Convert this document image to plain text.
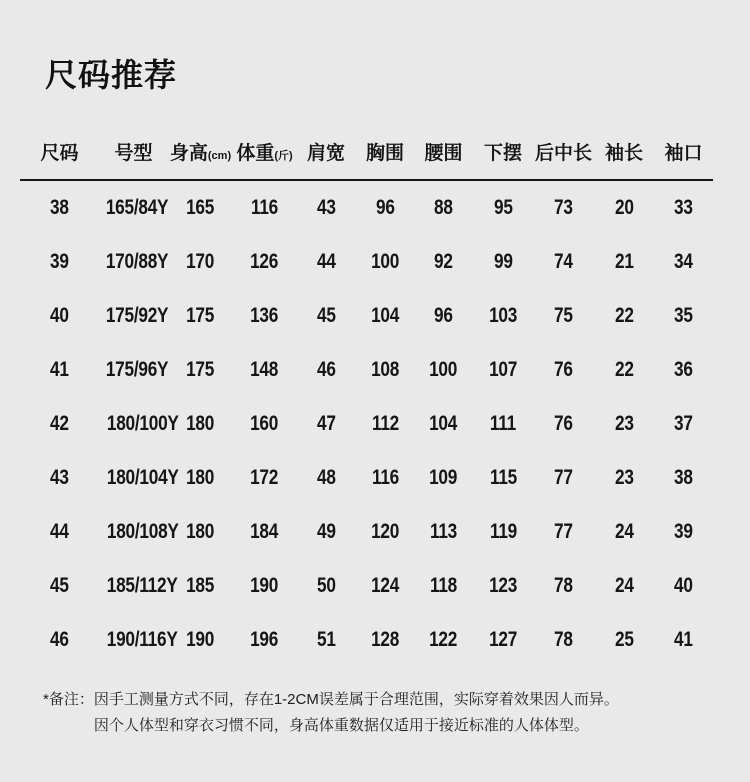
尺码推荐
尺码	号型	身高(cm)	体重(斤)	肩宽	胸围	腰围	下摆	后中长	袖长	袖口
38	165/84Y	165	116	43	96	88	95	73	20	33
39	170/88Y	170	126	44	100	92	99	74	21	34
40	175/92Y	175	136	45	104	96	103	75	22	35
41	175/96Y	175	148	46	108	100	107	76	22	36
42	180/100Y	180	160	47	112	104	111	76	23	37
43	180/104Y	180	172	48	116	109	115	77	23	38
44	180/108Y	180	184	49	120	113	119	77	24	39
45	185/112Y	185	190	50	124	118	123	78	24	40
46	190/116Y	190	196	51	128	122	127	78	25	41
*备注： 因手工测量方式不同，存在1-2CM误差属于合理范围，实际穿着效果因人而异。
因个人体型和穿衣习惯不同，身高体重数据仅适用于接近标准的人体体型。
